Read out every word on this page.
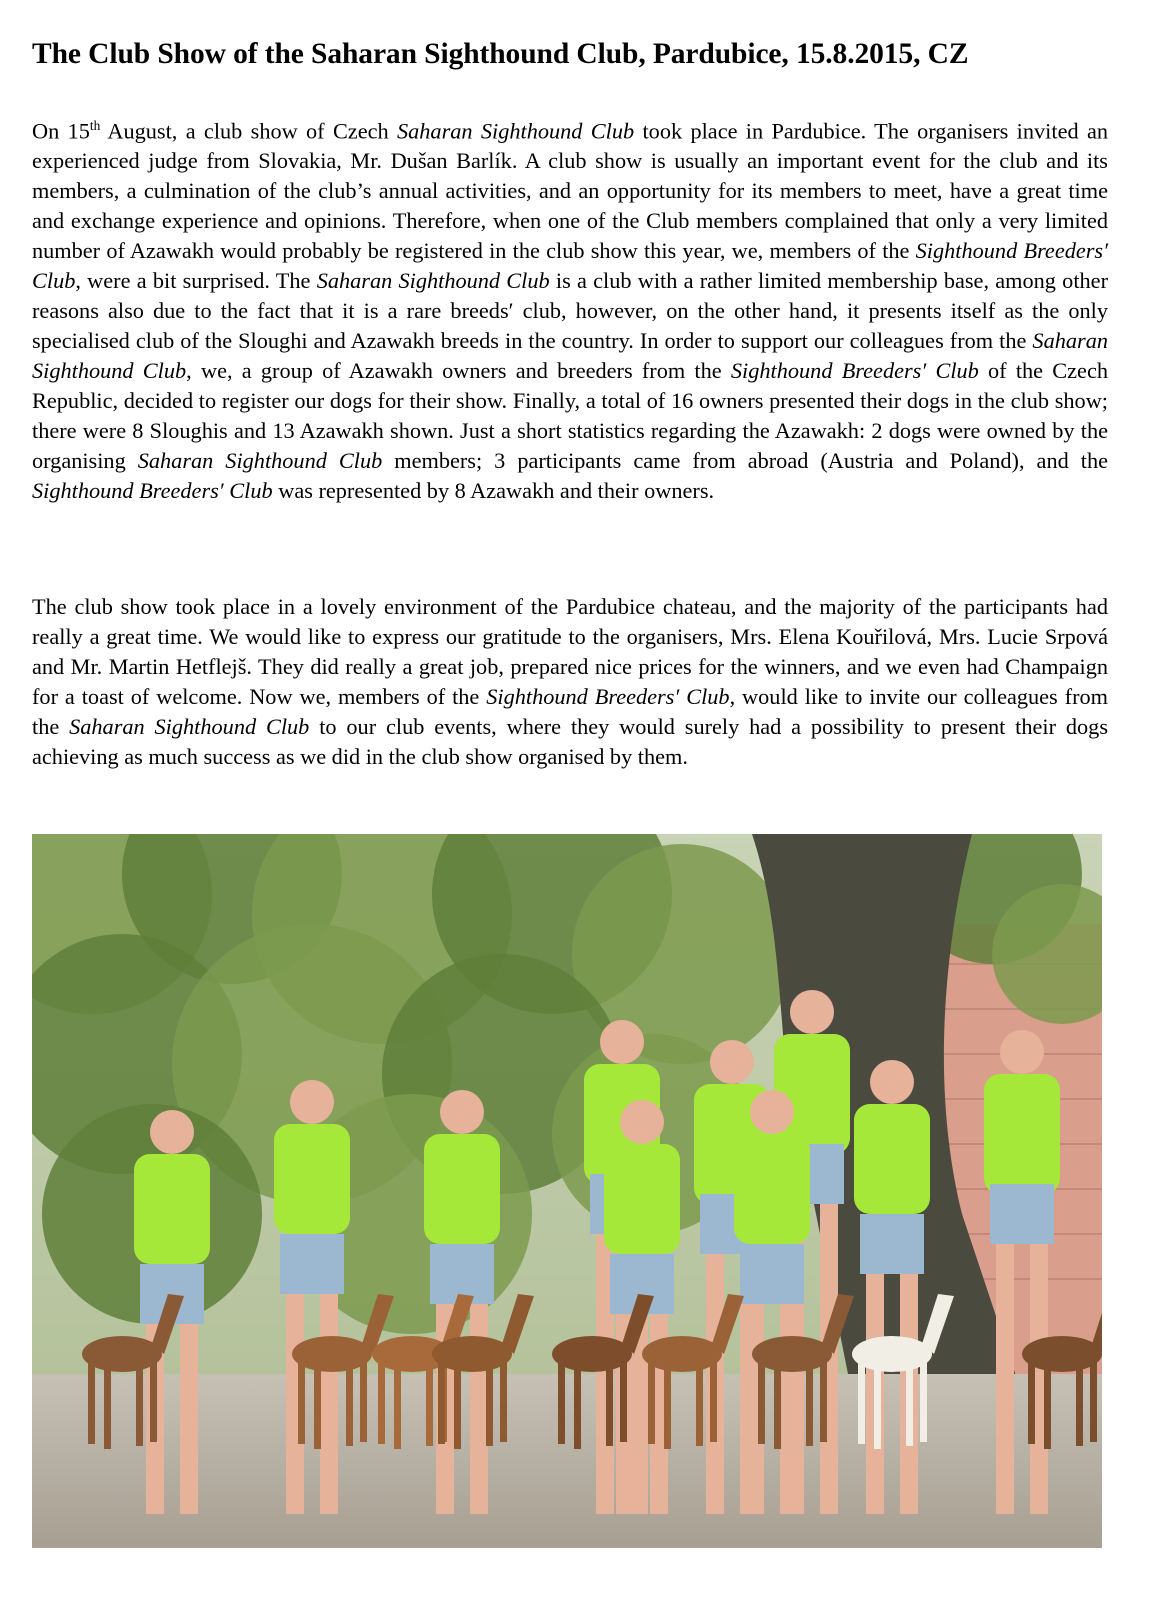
The Club Show of the Saharan Sighthound Club, Pardubice, 15.8.2015, CZ

On 15th August, a club show of Czech Saharan Sighthound Club took place in Pardubice. The organisers invited an experienced judge from Slovakia, Mr. Dušan Barlík. A club show is usually an important event for the club and its members, a culmination of the club’s annual activities, and an opportunity for its members to meet, have a great time and exchange experience and opinions. Therefore, when one of the Club members complained that only a very limited number of Azawakh would probably be registered in the club show this year, we, members of the Sighthound Breeders′ Club, were a bit surprised. The Saharan Sighthound Club is a club with a rather limited membership base, among other reasons also due to the fact that it is a rare breeds′ club, however, on the other hand, it presents itself as the only specialised club of the Sloughi and Azawakh breeds in the country. In order to support our colleagues from the Saharan Sighthound Club, we, a group of Azawakh owners and breeders from the Sighthound Breeders′ Club of the Czech Republic, decided to register our dogs for their show. Finally, a total of 16 owners presented their dogs in the club show; there were 8 Sloughis and 13 Azawakh shown. Just a short statistics regarding the Azawakh: 2 dogs were owned by the organising Saharan Sighthound Club members; 3 participants came from abroad (Austria and Poland), and the Sighthound Breeders′ Club was represented by 8 Azawakh and their owners.

The club show took place in a lovely environment of the Pardubice chateau, and the majority of the participants had really a great time. We would like to express our gratitude to the organisers, Mrs. Elena Kouřilová, Mrs. Lucie Srpová and Mr. Martin Hetflejš. They did really a great job, prepared nice prices for the winners, and we even had Champaign for a toast of welcome. Now we, members of the Sighthound Breeders′ Club, would like to invite our colleagues from the Saharan Sighthound Club to our club events, where they would surely had a possibility to present their dogs achieving as much success as we did in the club show organised by them.
